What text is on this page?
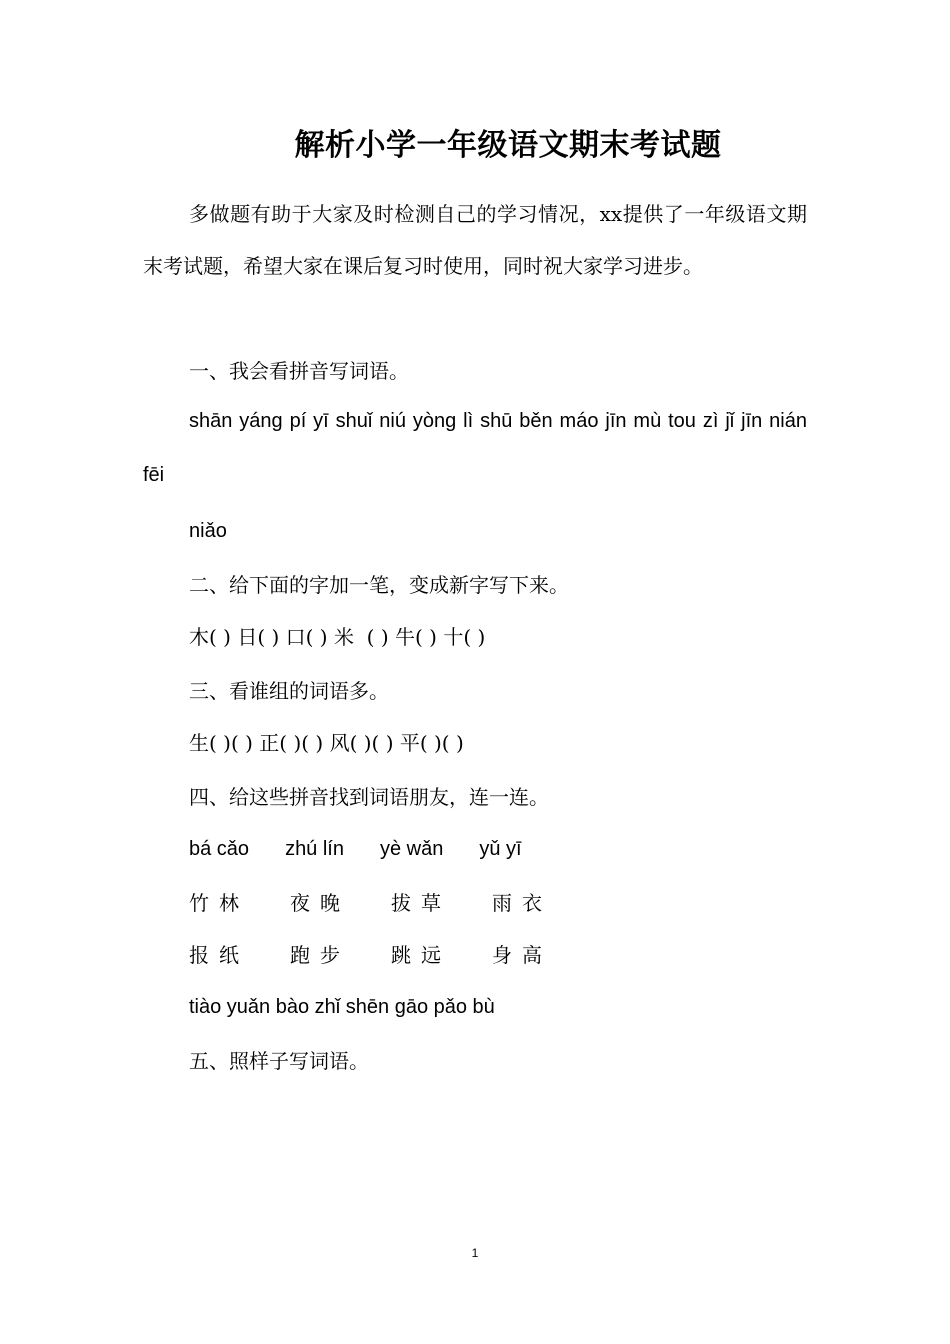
解析小学一年级语文期末考试题

多做题有助于大家及时检测自己的学习情况，xx提供了一年级语文期末考试题，希望大家在课后复习时使用，同时祝大家学习进步。

一、我会看拼音写词语。

shān yáng pí yī shuǐ niú yòng lì shū běn máo jīn mù tou zì jǐ jīn nián fēi

niǎo
二、给下面的字加一笔，变成新字写下来。
木( ) 日( ) 口( ) 米  ( ) 牛( ) 十( )
三、看谁组的词语多。
生( )( ) 正( )( ) 风( )( ) 平( )( )
四、给这些拼音找到词语朋友，连一连。
bá cǎo zhú lín yè wǎn yǔ yī
竹林	夜晚	拔草	雨衣
报纸	跑步	跳远	身高
tiào yuǎn bào zhǐ shēn gāo pǎo bù
五、照样子写词语。
1
